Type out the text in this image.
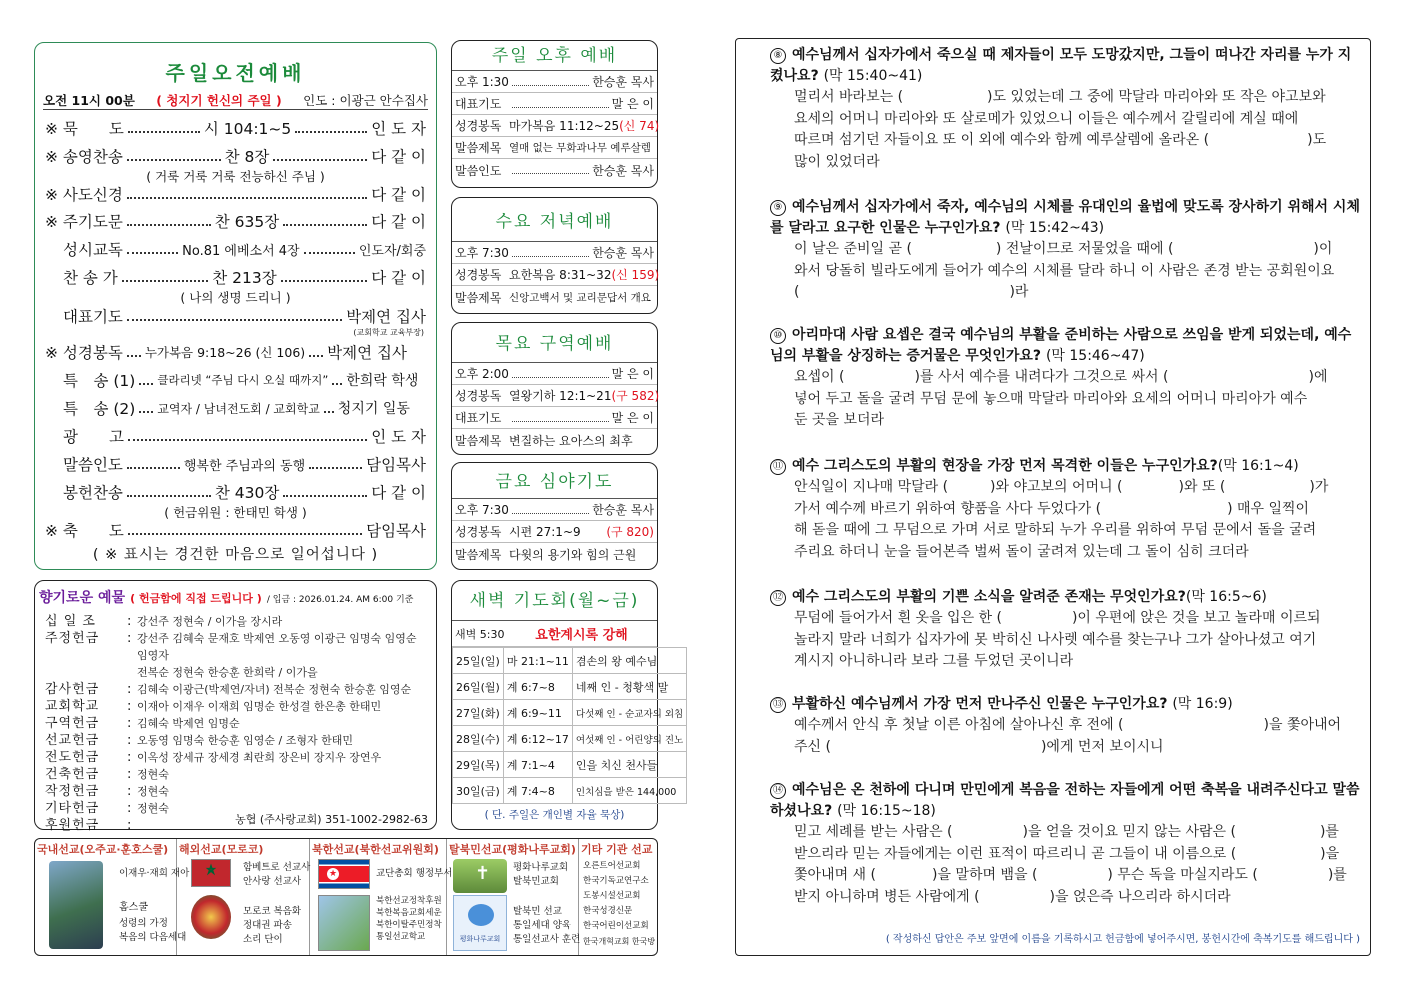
주일오전예배
오전 11시 00분 ( 청지기 헌신의 주일 ) 인도 : 이광근 안수집사
※ 묵　　도	시 104:1~5	인 도 자
※ 송영찬송	찬 8장	다 같 이
( 거룩 거룩 거룩 전능하신 주님 )
※ 사도신경	다 같 이
※ 주기도문	찬 635장	다 같 이
성시교독	No.81 에베소서 4장	인도자/회중
찬 송 가	찬 213장	다 같 이
( 나의 생명 드리니 )
대표기도	박제연 집사
(교회학교 교육부장)
※ 성경봉독 누가복음 9:18~26 (신 106) 박제연 집사
특　송 (1) 클라리넷 “주님 다시 오실 때까지” 한희락 학생
특　송 (2) 교역자 / 남녀전도회 / 교회학교 청지기 일동
광　　고	인 도 자
말씀인도	행복한 주님과의 동행	담임목사
봉헌찬송	찬 430장	다 같 이
( 헌금위원 : 한태민 학생 )
※ 축　　도	담임목사
( ※ 표시는 경건한 마음으로 일어섭니다 )
주일 오후 예배
오후 1:30	한승훈 목사
대표기도	말 은 이
성경봉독 마가복음 11:12~25 (신 74)
말씀제목 열매 없는 무화과나무 예루살렘
말씀인도	한승훈 목사
수요 저녁예배
오후 7:30	한승훈 목사
성경봉독 요한복음 8:31~32 (신 159)
말씀제목 신앙고백서 및 교리문답서 개요
목요 구역예배
오후 2:00	말 은 이
성경봉독 열왕기하 12:1~21 (구 582)
대표기도	말 은 이
말씀제목 변질하는 요아스의 최후
금요 심야기도
오후 7:30	한승훈 목사
성경봉독 시편 27:1~9	(구 820)
말씀제목 다윗의 용기와 힘의 근원
향기로운 예물 ( 헌금함에 직접 드립니다 ) / 입금 : 2026.01.24. AM 6:00 기준
십 일 조	: 강선주 정현숙 / 이가을 장시라
주정헌금	: 강선주 김혜숙 문재호 박제연 오동영 이광근 임명숙 임영순 임영자
전복순 정현숙 한승훈 한희락 / 이가을
감사헌금	: 김혜숙 이광근(박제연/자녀) 전복순 정현숙 한승훈 임영순
교회학교	: 이재아 이재우 이재희 임명순 한성결 한은총 한태민
구역헌금	: 김혜숙 박제연 임명순
선교헌금	: 오동영 임명숙 한승훈 임영순 / 조형자 한태민
전도헌금	: 이옥성 장세규 장세경 최란희 장은비 장지우 장연우
건축헌금	: 정현숙
작정헌금	: 정현숙
기타헌금	: 정현숙
후원헌금	:	농협 (주사랑교회) 351-1002-2982-63
새벽 기도회(월~금)
새벽 5:30	요한계시록 강해
25일(일)	마 21:1~11	겸손의 왕 예수님
26일(월)	계 6:7~8	네째 인 - 청황색 말
27일(화)	계 6:9~11	다섯째 인 - 순교자의 외침
28일(수)	계 6:12~17	여섯째 인 - 어린양의 진노
29일(목)	계 7:1~4	인을 치신 천사들
30일(금)	계 7:4~8	인치심을 받은 144,000
( 단. 주일은 개인별 자율 묵상)
국내선교(오주교·훈호스쿨)
이재우·재희 재아
홈스쿨
성령의 가정
복음의 다음세대
해외선교(모로코)
함베트로 선교사
안사랑 선교사
모로코 복음화
정대권 파송
소리 단이
북한선교(북한선교위원회)
★	교단총회 행정부서
북한선교정착후원
북한복음교회세운
북한이탈주민정착
통일선교학교
탈북민선교(평화나루교회)
✝ 평화나루교회
탈북민교회
평화나루교회
탈북민 선교
통일세대 양육
통일선교사 훈련
기타 기관 선교
오른트어선교회
한국기독교연구소
도봉시설선교회
한국성경신문
한국어린이선교회
한국개혁교회 한국방
⑧ 예수님께서 십자가에서 죽으실 때 제자들이 모두 도망갔지만, 그들이 떠나간 자리를 누가 지켰나요? (막 15:40~41)
멀리서 바라보는 (　　　　　　)도 있었는데 그 중에 막달라 마리아와 또 작은 야고보와
요세의 어머니 마리아와 또 살로메가 있었으니 이들은 예수께서 갈릴리에 계실 때에
따르며 섬기던 자들이요 또 이 외에 예수와 함께 예루살렘에 올라온 (　　　　　　　)도
많이 있었더라
⑨ 예수님께서 십자가에서 죽자, 예수님의 시체를 유대인의 율법에 맞도록 장사하기 위해서 시체를 달라고 요구한 인물은 누구인가요? (막 15:42~43)
이 날은 준비일 곧 (　　　　　　) 전날이므로 저물었을 때에 (　　　　　　　　　　)이
와서 당돌히 빌라도에게 들어가 예수의 시체를 달라 하니 이 사람은 존경 받는 공회원이요
(　　　　　　　　　　　　　　　)라
⑩ 아리마대 사람 요셉은 결국 예수님의 부활을 준비하는 사람으로 쓰임을 받게 되었는데, 예수님의 부활을 상징하는 증거물은 무엇인가요? (막 15:46~47)
요셉이 (　　　　　)를 사서 예수를 내려다가 그것으로 싸서 (　　　　　　　　　　)에
넣어 두고 돌을 굴려 무덤 문에 놓으매 막달라 마리아와 요세의 어머니 마리아가 예수
둔 곳을 보더라
⑪ 예수 그리스도의 부활의 현장을 가장 먼저 목격한 이들은 누구인가요?(막 16:1~4)
안식일이 지나매 막달라 (　　　)와 야고보의 어머니 (　　　　)와 또 (　　　　　　)가
가서 예수께 바르기 위하여 향품을 사다 두었다가 (　　　　　　　　　) 매우 일찍이
해 돋을 때에 그 무덤으로 가며 서로 말하되 누가 우리를 위하여 무덤 문에서 돌을 굴려
주리요 하더니 눈을 들어본즉 벌써 돌이 굴려져 있는데 그 돌이 심히 크더라
⑫ 예수 그리스도의 부활의 기쁜 소식을 알려준 존재는 무엇인가요?(막 16:5~6)
무덤에 들어가서 흰 옷을 입은 한 (　　　　　)이 우편에 앉은 것을 보고 놀라매 이르되
놀라지 말라 너희가 십자가에 못 박히신 나사렛 예수를 찾는구나 그가 살아나셨고 여기
계시지 아니하니라 보라 그를 두었던 곳이니라
⑬ 부활하신 예수님께서 가장 먼저 만나주신 인물은 누구인가요? (막 16:9)
예수께서 안식 후 첫날 이른 아침에 살아나신 후 전에 (　　　　　　　　　　)을 쫓아내어
주신 (　　　　　　　　　　　　　　　)에게 먼저 보이시니
⑭ 예수님은 온 천하에 다니며 만민에게 복음을 전하는 자들에게 어떤 축복을 내려주신다고 말씀하셨나요? (막 16:15~18)
믿고 세례를 받는 사람은 (　　　　　)을 얻을 것이요 믿지 않는 사람은 (　　　　　　)를
받으리라 믿는 자들에게는 이런 표적이 따르리니 곧 그들이 내 이름으로 (　　　　　　)을
쫓아내며 새 (　　　　)을 말하며 뱀을 (　　　　　) 무슨 독을 마실지라도 (　　　　　)를
받지 아니하며 병든 사람에게 (　　　　　)을 얹은즉 나으리라 하시더라
( 작성하신 답안은 주보 앞면에 이름을 기록하시고 헌금함에 넣어주시면, 봉헌시간에 축복기도를 해드립니다 )
